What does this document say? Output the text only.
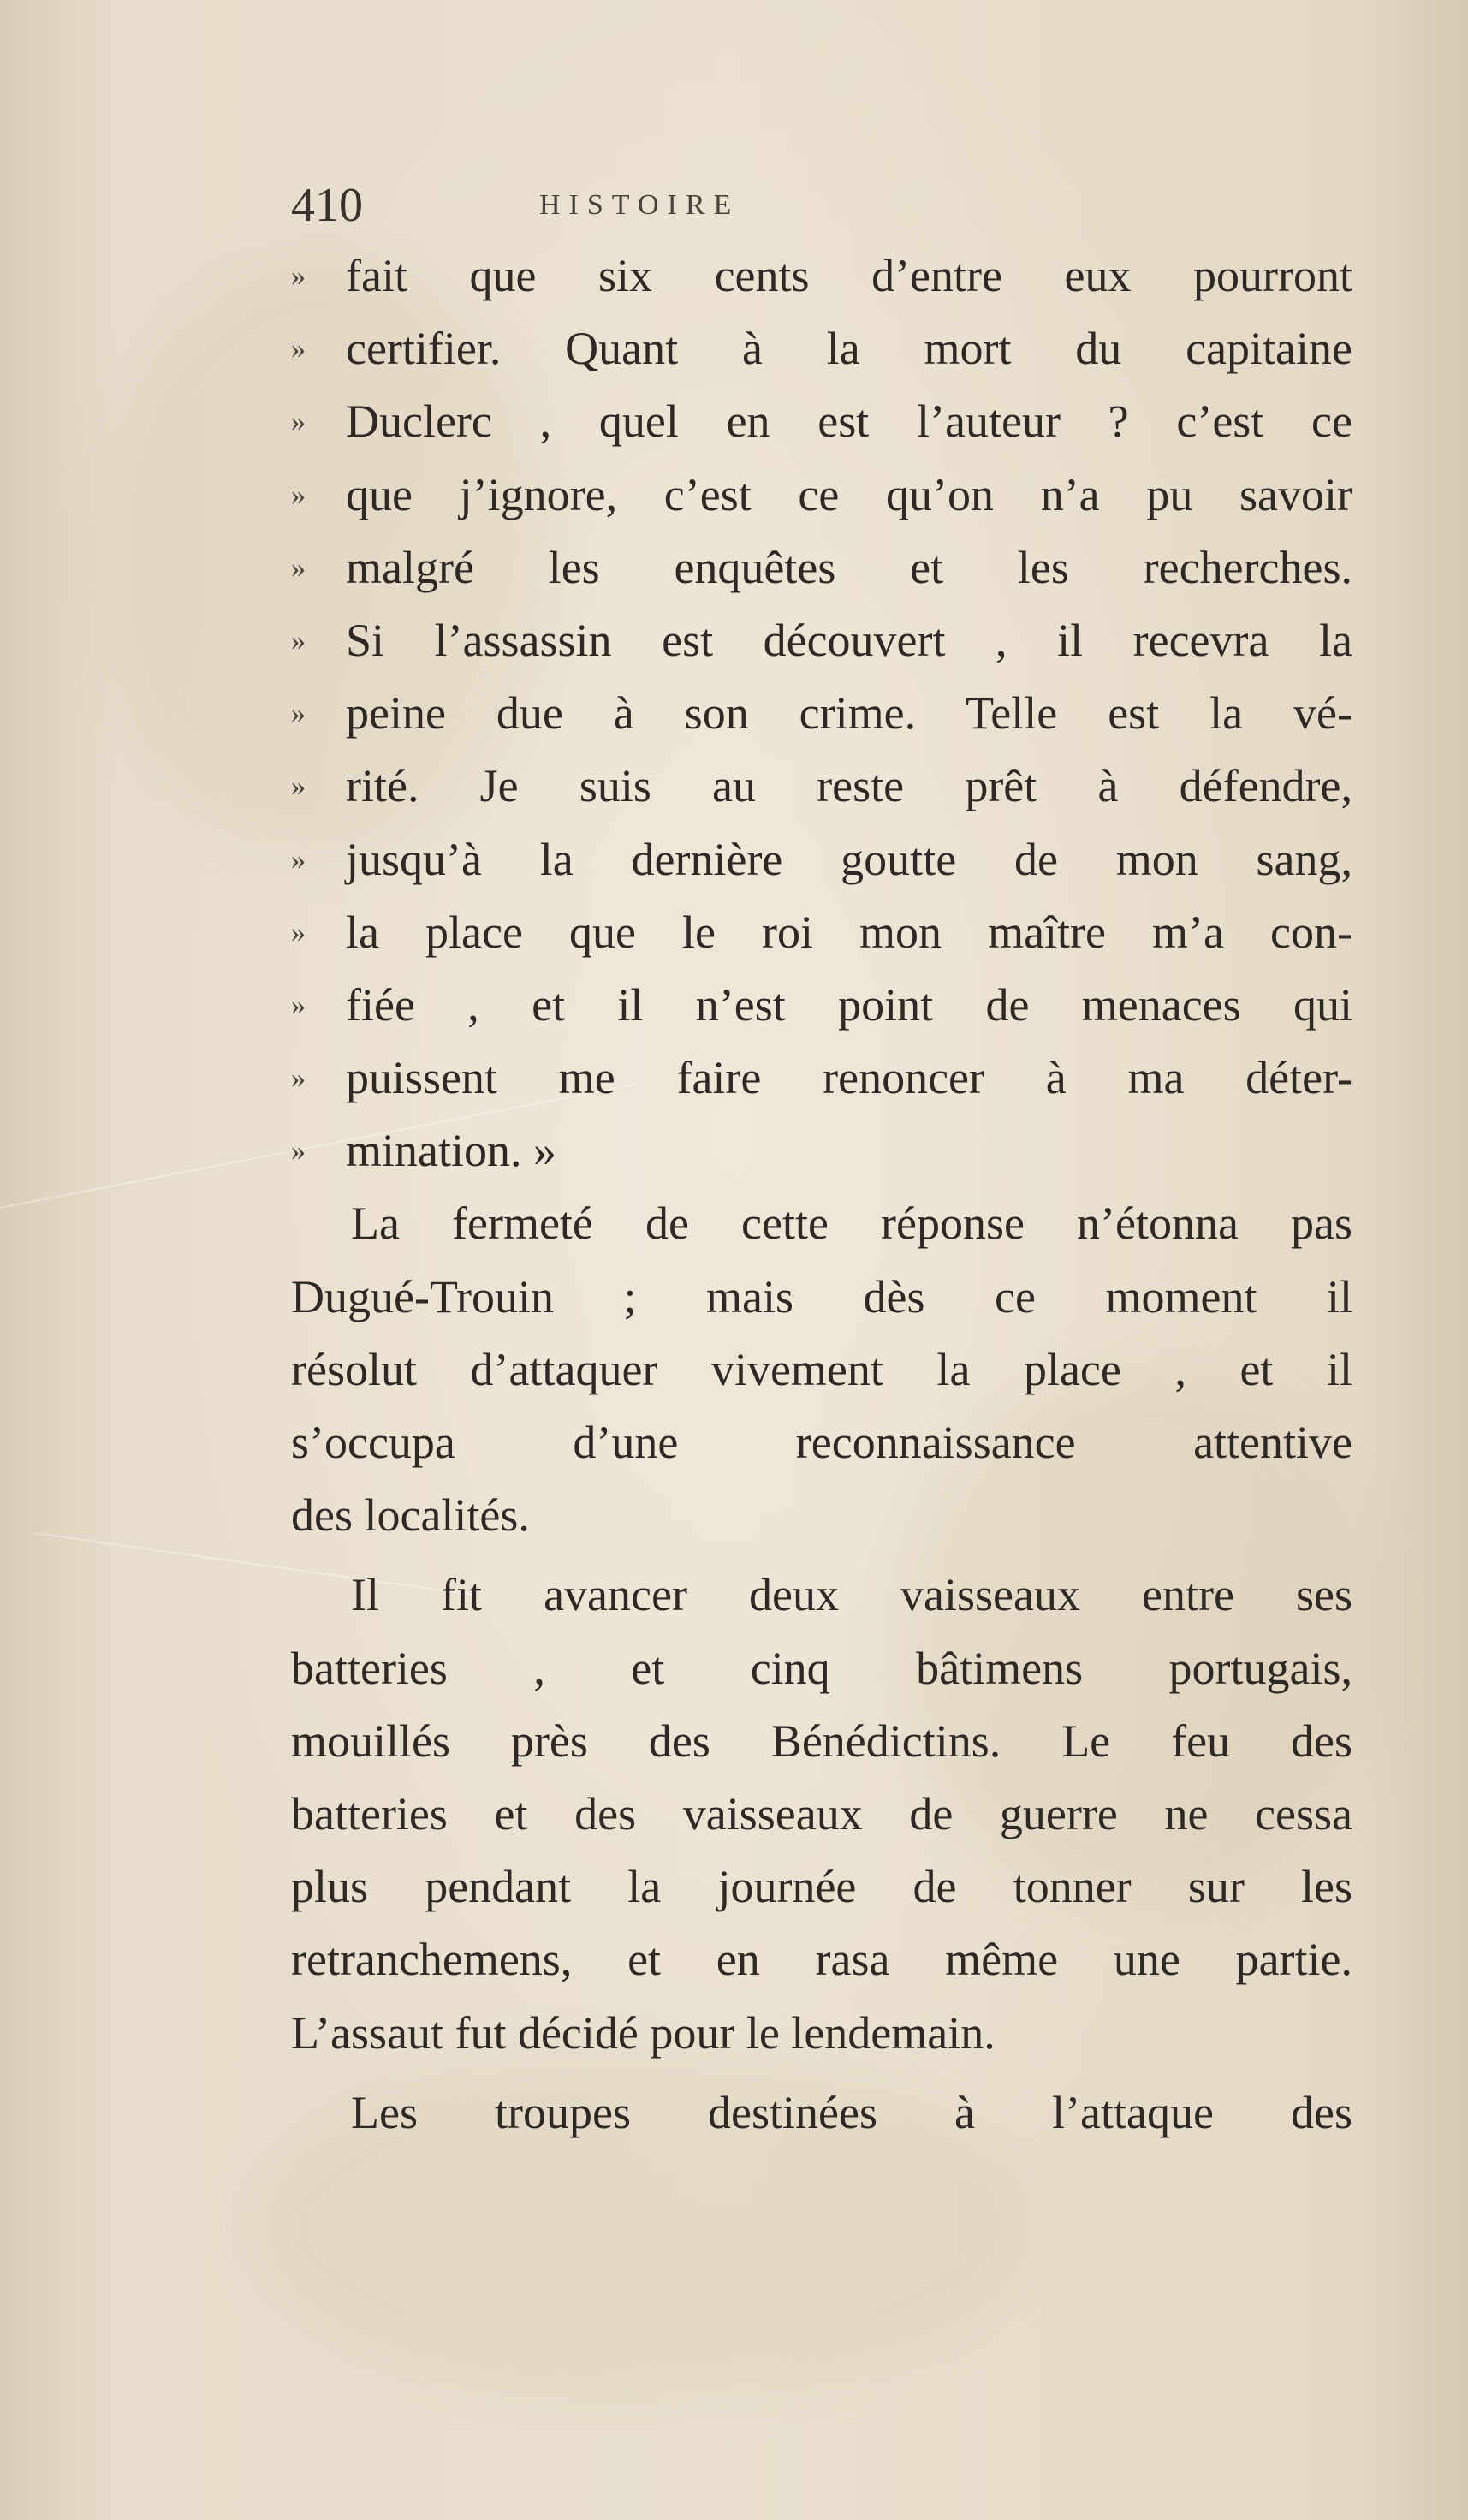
410	HISTOIRE
» fait que six cents d’entre eux pourront
» certifier. Quant à la mort du capitaine
» Duclerc , quel en est l’auteur ? c’est ce
» que j’ignore, c’est ce qu’on n’a pu savoir
» malgré les enquêtes et les recherches.
» Si l’assassin est découvert , il recevra la
» peine due à son crime. Telle est la vé-
» rité. Je suis au reste prêt à défendre,
» jusqu’à la dernière goutte de mon sang,
» la place que le roi mon maître m’a con-
» fiée , et il n’est point de menaces qui
» puissent me faire renoncer à ma déter-
» mination. »
La fermeté de cette réponse n’étonna pas
Dugué-Trouin ; mais dès ce moment il
résolut d’attaquer vivement la place , et il
s’occupa d’une reconnaissance attentive
des localités.
Il fit avancer deux vaisseaux entre ses
batteries , et cinq bâtimens portugais,
mouillés près des Bénédictins. Le feu des
batteries et des vaisseaux de guerre ne cessa
plus pendant la journée de tonner sur les
retranchemens, et en rasa même une partie.
L’assaut fut décidé pour le lendemain.
Les troupes destinées à l’attaque des
